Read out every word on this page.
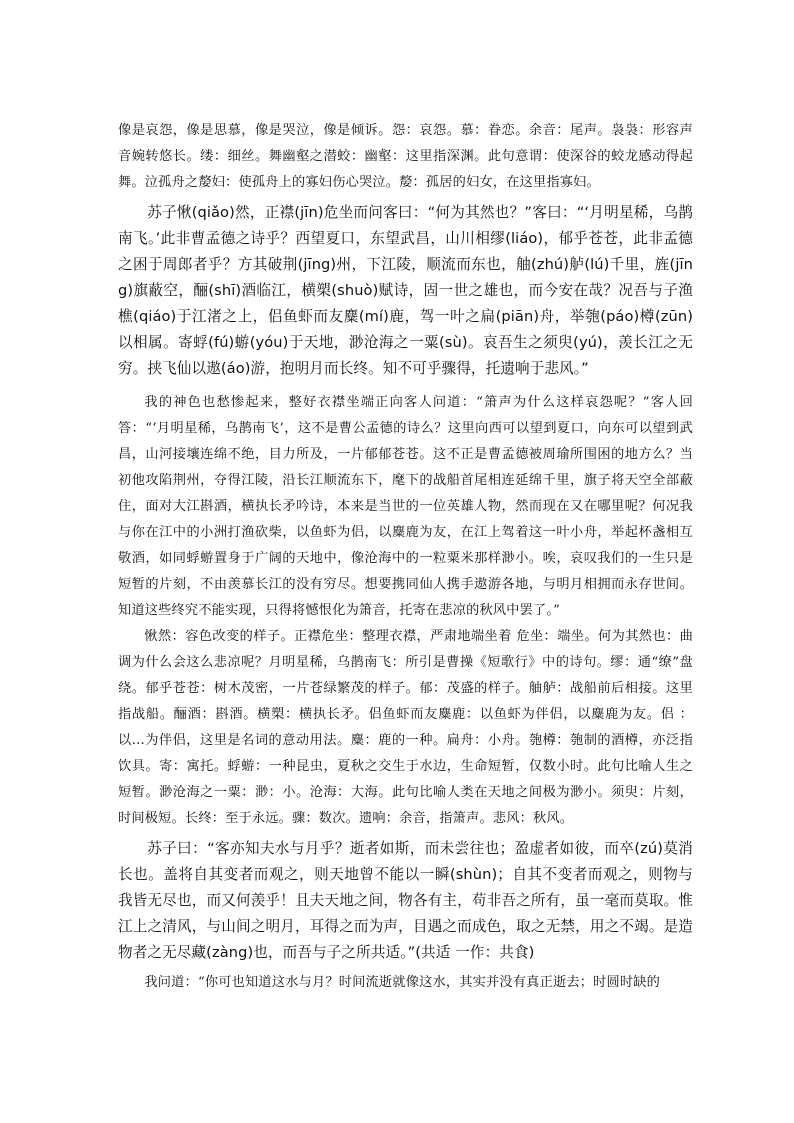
像是哀怨，像是思慕，像是哭泣，像是倾诉。怨：哀怨。慕：眷恋。余音：尾声。袅袅：形容声音婉转悠长。缕：细丝。舞幽壑之潜蛟：幽壑：这里指深渊。此句意谓：使深谷的蛟龙感动得起舞。泣孤舟之嫠妇：使孤舟上的寡妇伤心哭泣。嫠：孤居的妇女，在这里指寡妇。

苏子愀(qiǎo)然，正襟(jīn)危坐而问客曰：“何为其然也？”客曰：“‘月明星稀，乌鹊南飞。’此非曹孟德之诗乎？西望夏口，东望武昌，山川相缪(liáo)，郁乎苍苍，此非孟德之困于周郎者乎？方其破荆(jīng)州，下江陵，顺流而东也，舳(zhú)舻(lú)千里，旌(jīng)旗蔽空，酾(shī)酒临江，横槊(shuò)赋诗，固一世之雄也，而今安在哉？况吾与子渔樵(qiáo)于江渚之上，侣鱼虾而友麋(mí)鹿，驾一叶之扁(piān)舟，举匏(páo)樽(zūn)以相属。寄蜉(fú)蝣(yóu)于天地，渺沧海之一粟(sù)。哀吾生之须臾(yú)，羡长江之无穷。挟飞仙以遨(áo)游，抱明月而长终。知不可乎骤得，托遗响于悲风。”

我的神色也愁惨起来，整好衣襟坐端正向客人问道：“箫声为什么这样哀怨呢？”客人回答：“‘月明星稀，乌鹊南飞’，这不是曹公孟德的诗么？这里向西可以望到夏口，向东可以望到武昌，山河接壤连绵不绝，目力所及，一片郁郁苍苍。这不正是曹孟德被周瑜所围困的地方么？当初他攻陷荆州，夺得江陵，沿长江顺流东下，麾下的战船首尾相连延绵千里，旗子将天空全部蔽住，面对大江斟酒，横执长矛吟诗，本来是当世的一位英雄人物，然而现在又在哪里呢？何况我与你在江中的小洲打渔砍柴，以鱼虾为侣，以麋鹿为友，在江上驾着这一叶小舟，举起杯盏相互敬酒，如同蜉蝣置身于广阔的天地中，像沧海中的一粒粟米那样渺小。唉，哀叹我们的一生只是短暂的片刻，不由羡慕长江的没有穷尽。想要携同仙人携手遨游各地，与明月相拥而永存世间。知道这些终究不能实现，只得将憾恨化为箫音，托寄在悲凉的秋风中罢了。”

愀然：容色改变的样子。正襟危坐：整理衣襟，严肃地端坐着 危坐：端坐。何为其然也：曲调为什么会这么悲凉呢？月明星稀，乌鹊南飞：所引是曹操《短歌行》中的诗句。缪：通“缭”盘绕。郁乎苍苍：树木茂密，一片苍绿繁茂的样子。郁：茂盛的样子。舳舻：战船前后相接。这里指战船。酾酒：斟酒。横槊：横执长矛。侣鱼虾而友麋鹿：以鱼虾为伴侣，以麋鹿为友。侣 ：以...为伴侣，这里是名词的意动用法。麋：鹿的一种。扁舟：小舟。匏樽：匏制的酒樽，亦泛指饮具。寄：寓托。蜉蝣：一种昆虫，夏秋之交生于水边，生命短暂，仅数小时。此句比喻人生之短暂。渺沧海之一粟：渺：小。沧海：大海。此句比喻人类在天地之间极为渺小。须臾：片刻，时间极短。长终：至于永远。骤：数次。遗响：余音，指箫声。悲风：秋风。

苏子曰：“客亦知夫水与月乎？逝者如斯，而未尝往也；盈虚者如彼，而卒(zú)莫消长也。盖将自其变者而观之，则天地曾不能以一瞬(shùn)；自其不变者而观之，则物与我皆无尽也，而又何羡乎！且夫天地之间，物各有主，苟非吾之所有，虽一毫而莫取。惟江上之清风，与山间之明月，耳得之而为声，目遇之而成色，取之无禁，用之不竭。是造物者之无尽藏(zàng)也，而吾与子之所共适。”(共适 一作：共食)

我问道：“你可也知道这水与月？时间流逝就像这水，其实并没有真正逝去；时圆时缺的
